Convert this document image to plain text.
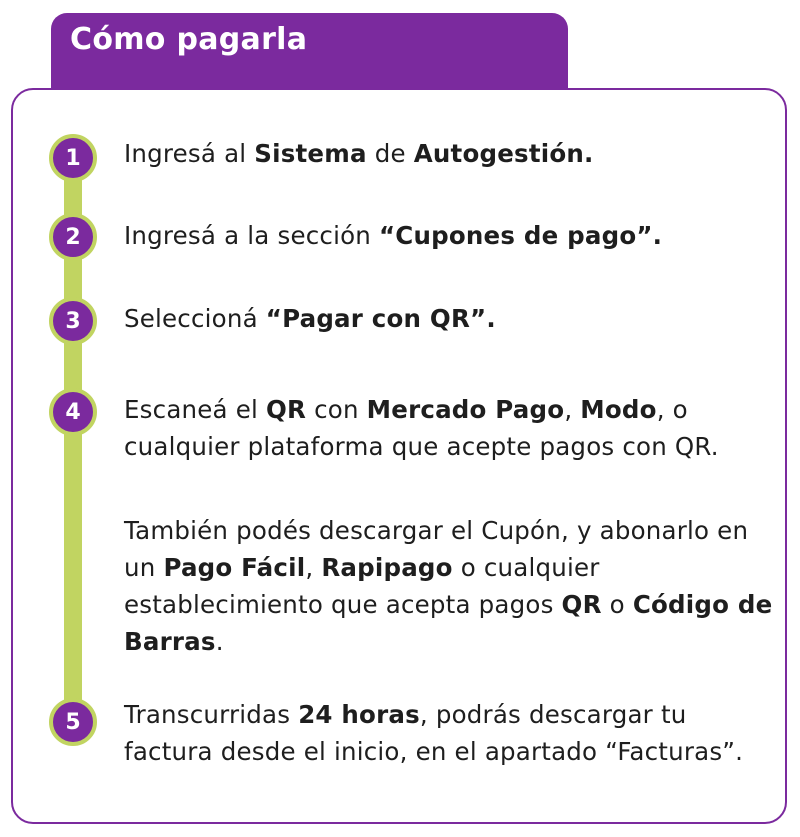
Cómo pagarla
1	Ingresá al Sistema de Autogestión.

2	Ingresá a la sección “Cupones de pago”.

3	Seleccioná “Pagar con QR”.

4	Escaneá el QR con Mercado Pago, Modo, o cualquier plataforma que acepte pagos con QR.

También podés descargar el Cupón, y abonarlo en un Pago Fácil, Rapipago o cualquier establecimiento que acepta pagos QR o Código de Barras.

5	Transcurridas 24 horas, podrás descargar tu factura desde el inicio, en el apartado “Facturas”.
